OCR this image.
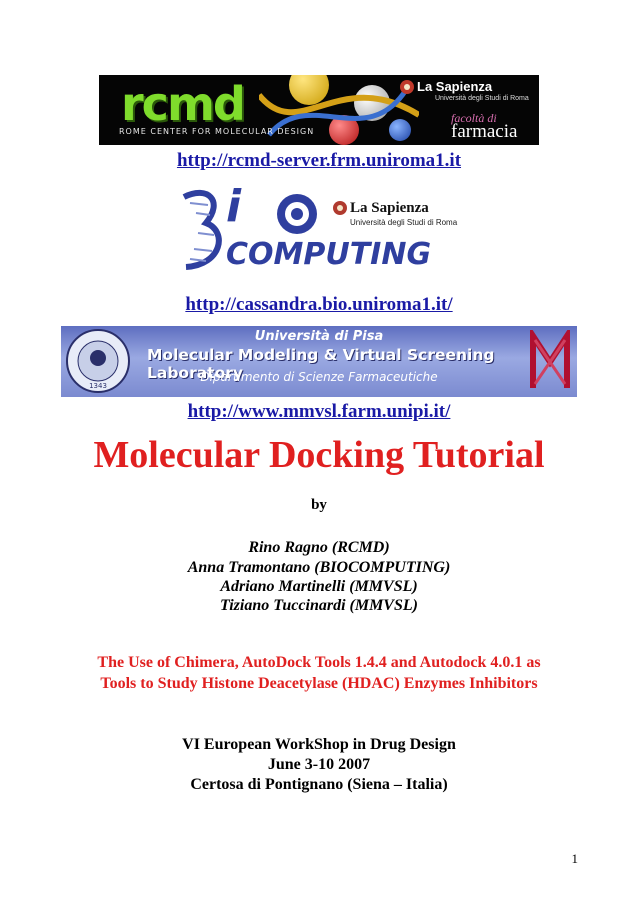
rcmd
ROME CENTER FOR MOLECULAR DESIGN
La Sapienza
Università degli Studi di Roma
facoltà di
farmacia
http://rcmd-server.frm.uniroma1.it
i
COMPUTING
La Sapienza
Università degli Studi di Roma
http://cassandra.bio.uniroma1.it/
1343
Università di Pisa
Molecular Modeling & Virtual Screening Laboratory
Dipartimento di Scienze Farmaceutiche
http://www.mmvsl.farm.unipi.it/
Molecular Docking Tutorial
by
Rino Ragno (RCMD)
Anna Tramontano (BIOCOMPUTING)
Adriano Martinelli (MMVSL)
Tiziano Tuccinardi (MMVSL)
The Use of Chimera, AutoDock Tools 1.4.4 and Autodock 4.0.1 as
Tools to Study Histone Deacetylase (HDAC) Enzymes Inhibitors
VI European WorkShop in Drug Design
June 3-10 2007
Certosa di Pontignano (Siena – Italia)
1
